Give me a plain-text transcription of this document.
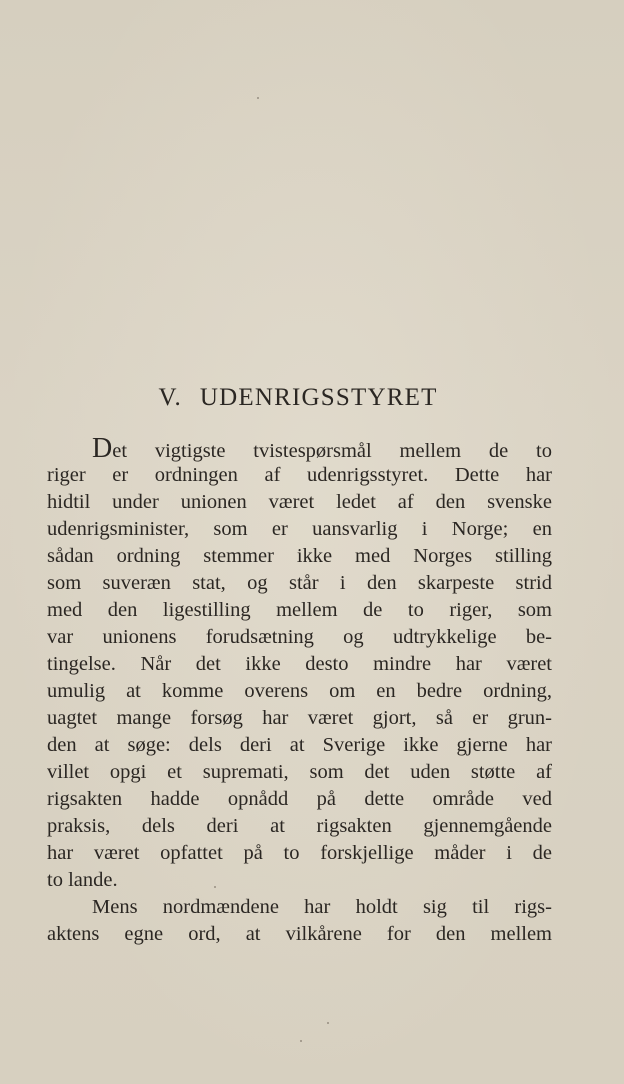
V. UDENRIGSSTYRET
Det vigtigste tvistespørsmål mellem de to
riger er ordningen af udenrigsstyret. Dette har
hidtil under unionen været ledet af den svenske
udenrigsminister, som er uansvarlig i Norge; en
sådan ordning stemmer ikke med Norges stilling
som suveræn stat, og står i den skarpeste strid
med den ligestilling mellem de to riger, som
var unionens forudsætning og udtrykkelige be-
tingelse. Når det ikke desto mindre har været
umulig at komme overens om en bedre ordning,
uagtet mange forsøg har været gjort, så er grun-
den at søge: dels deri at Sverige ikke gjerne har
villet opgi et suprematі, som det uden støtte af
rigsakten hadde opnådd på dette område ved
praksis, dels deri at rigsakten gjennemgående
har været opfattet på to forskjellige måder i de
to lande.
Mens nordmændene har holdt sig til rigs-
aktens egne ord, at vilkårene for den mellem
